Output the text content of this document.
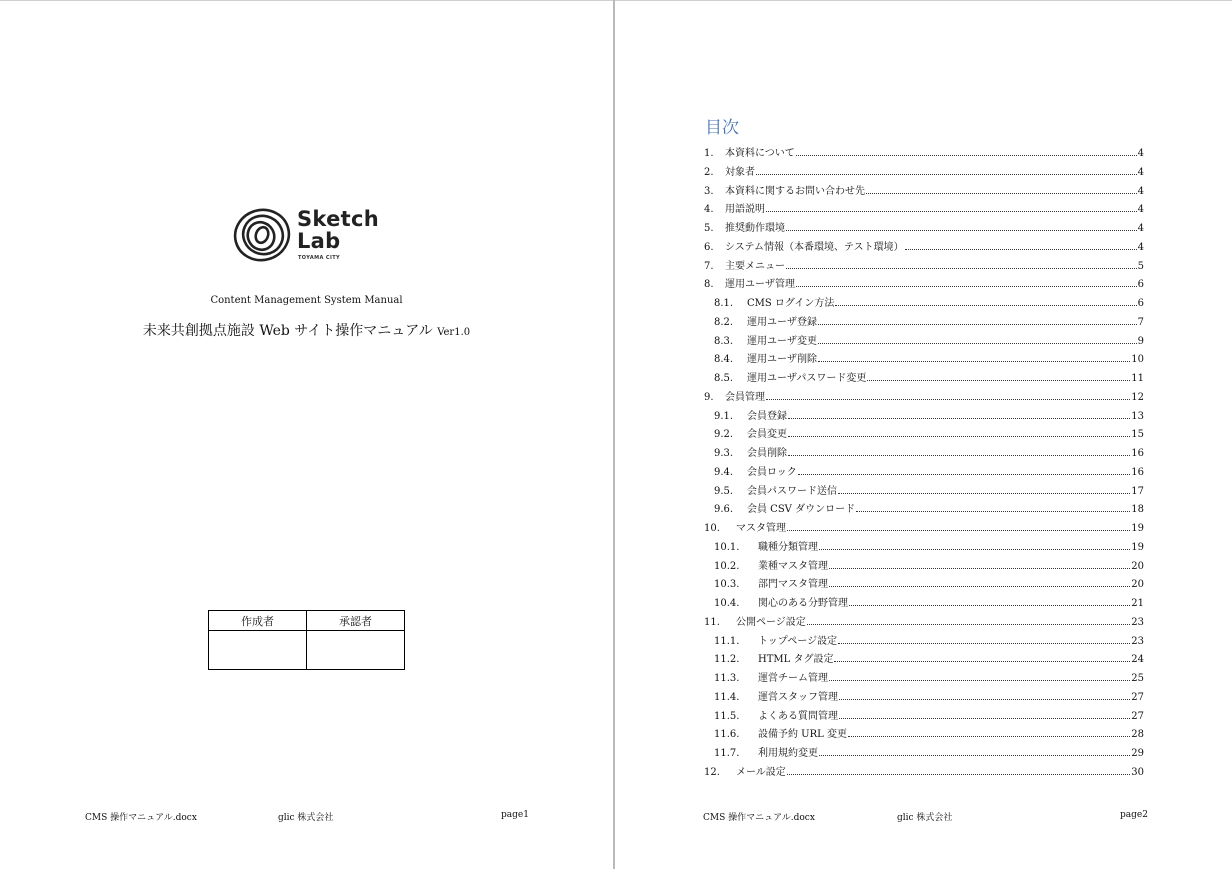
Sketch
Lab
TOYAMA CITY
Content Management System Manual
未来共創拠点施設 Web サイト操作マニュアル Ver1.0
作成者	承認者

CMS 操作マニュアル.docx	glic 株式会社	page1
目次
1.	本資料について	4
2.	対象者	4
3.	本資料に関するお問い合わせ先	4
4.	用語説明	4
5.	推奨動作環境	4
6.	システム情報（本番環境、テスト環境）	4
7.	主要メニュー	5
8.	運用ユーザ管理	6
8.1.	CMS ログイン方法	6
8.2.	運用ユーザ登録	7
8.3.	運用ユーザ変更	9
8.4.	運用ユーザ削除	10
8.5.	運用ユーザパスワード変更	11
9.	会員管理	12
9.1.	会員登録	13
9.2.	会員変更	15
9.3.	会員削除	16
9.4.	会員ロック	16
9.5.	会員パスワード送信	17
9.6.	会員 CSV ダウンロード	18
10.	マスタ管理	19
10.1.	職種分類管理	19
10.2.	業種マスタ管理	20
10.3.	部門マスタ管理	20
10.4.	関心のある分野管理	21
11.	公開ページ設定	23
11.1.	トップページ設定	23
11.2.	HTML タグ設定	24
11.3.	運営チーム管理	25
11.4.	運営スタッフ管理	27
11.5.	よくある質問管理	27
11.6.	設備予約 URL 変更	28
11.7.	利用規約変更	29
12.	メール設定	30
CMS 操作マニュアル.docx	glic 株式会社	page2
